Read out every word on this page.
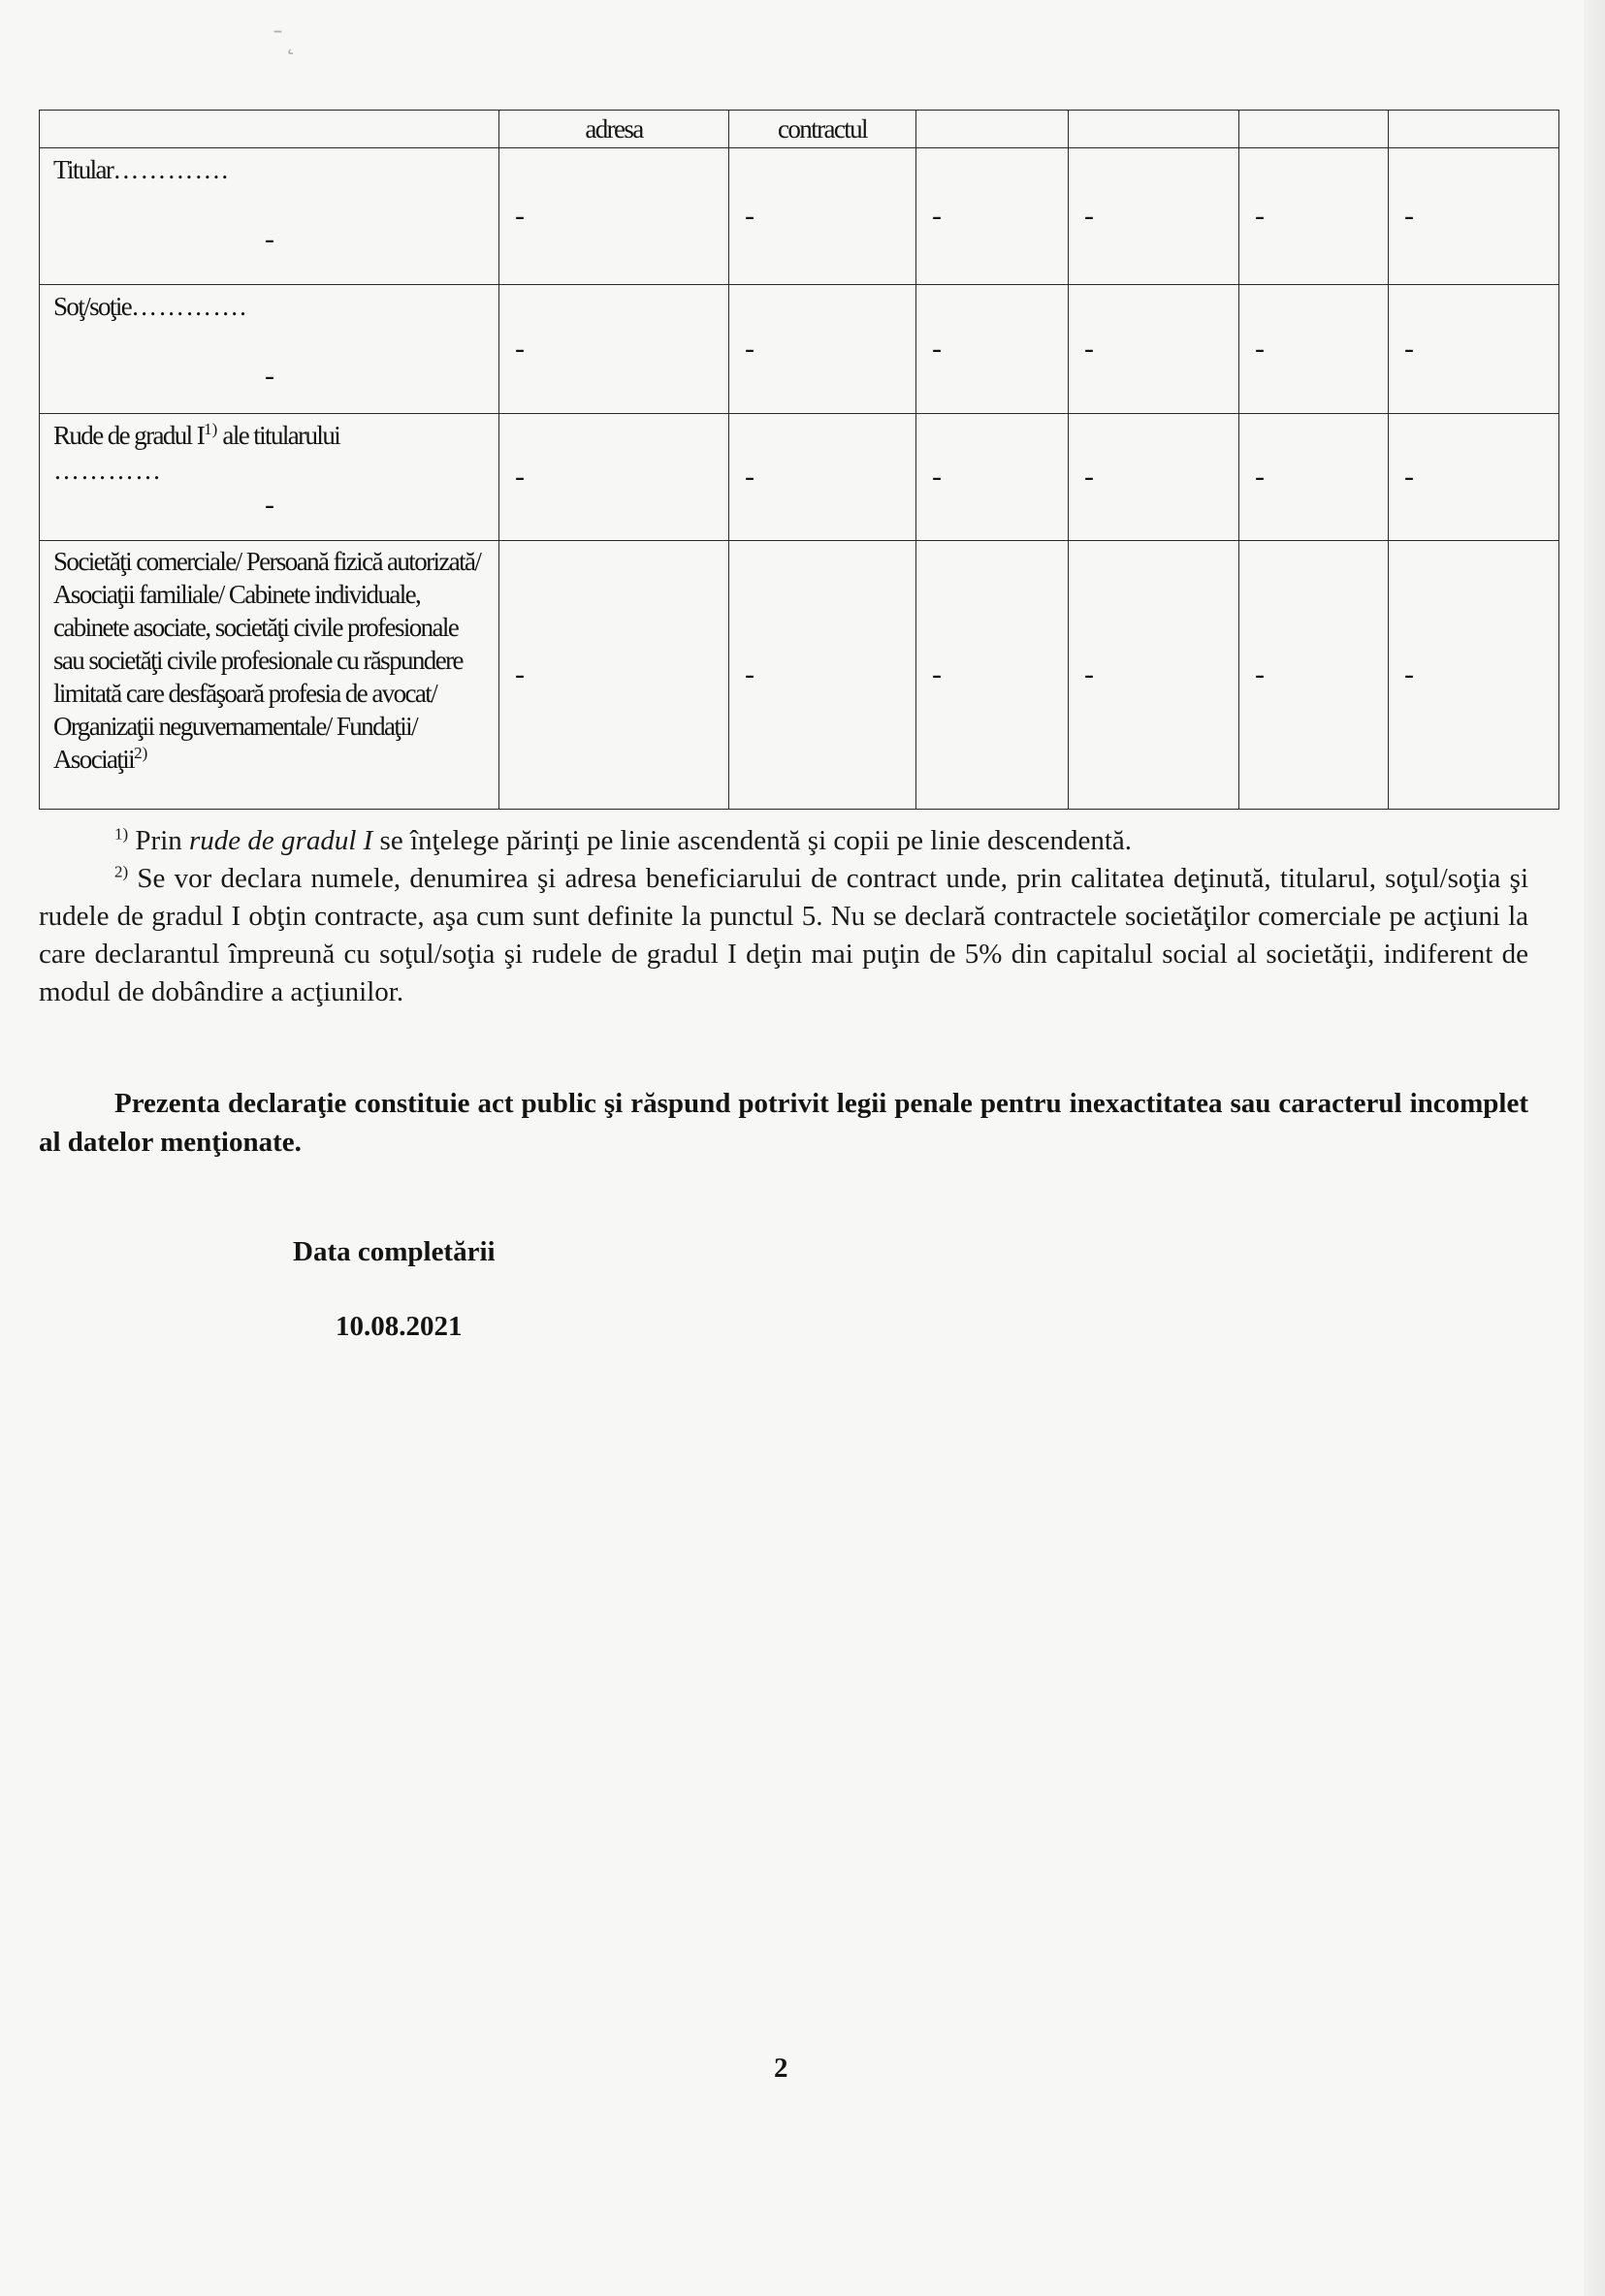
ˉ˛
	adresa	contractul				
Titular………….

-	-	-	-	-	-	-
Soţ/soţie………….

-	-	-	-	-	-	-
Rude de gradul $I^{1)}$ ale titularului
…………

-	-	-	-	-	-	-
Societăţi comerciale/ Persoană fizică autorizată/ Asociaţii familiale/ Cabinete individuale, cabinete asociate, societăţi civile profesionale sau societăţi civile profesionale cu răspundere limitată care desfăşoară profesia de avocat/ Organizaţii neguvernamentale/ Fundaţii/ Asociaţii$^{2)}$	-	-	-	-	-	-

$^{1)}$ Prin rude de gradul I se înţelege părinţi pe linie ascendentă şi copii pe linie descendentă.

$^{2)}$ Se vor declara numele, denumirea şi adresa beneficiarului de contract unde, prin calitatea deţinută, titularul, soţul/soţia şi rudele de gradul I obţin contracte, aşa cum sunt definite la punctul 5. Nu se declară contractele societăţilor comerciale pe acţiuni la care declarantul împreună cu soţul/soţia şi rudele de gradul I deţin mai puţin de 5% din capitalul social al societăţii, indiferent de modul de dobândire a acţiunilor.

Prezenta declaraţie constituie act public şi răspund potrivit legii penale pentru inexactitatea sau caracterul incomplet al datelor menţionate.
Data completării
10.08.2021
2
